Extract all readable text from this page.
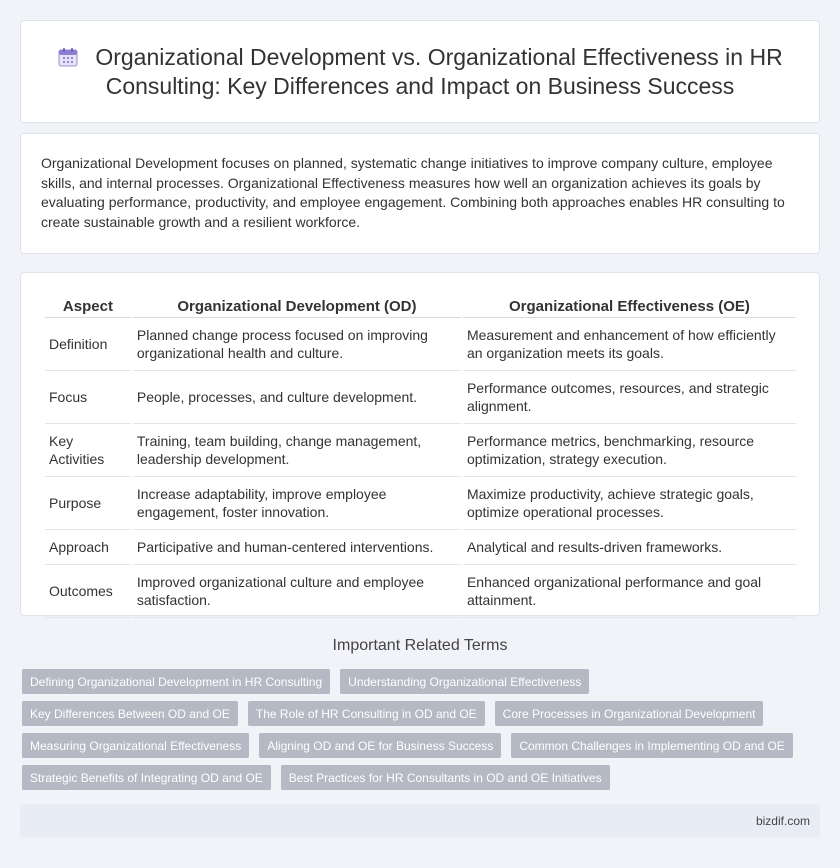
Organizational Development vs. Organizational Effectiveness in HR Consulting: Key Differences and Impact on Business Success

Organizational Development focuses on planned, systematic change initiatives to improve company culture, employee skills, and internal processes. Organizational Effectiveness measures how well an organization achieves its goals by evaluating performance, productivity, and employee engagement. Combining both approaches enables HR consulting to create sustainable growth and a resilient workforce.

Aspect	Organizational Development (OD)	Organizational Effectiveness (OE)
Definition	Planned change process focused on improving organizational health and culture.	Measurement and enhancement of how efficiently an organization meets its goals.
Focus	People, processes, and culture development.	Performance outcomes, resources, and strategic alignment.
Key Activities	Training, team building, change management, leadership development.	Performance metrics, benchmarking, resource optimization, strategy execution.
Purpose	Increase adaptability, improve employee engagement, foster innovation.	Maximize productivity, achieve strategic goals, optimize operational processes.
Approach	Participative and human-centered interventions.	Analytical and results-driven frameworks.
Outcomes	Improved organizational culture and employee satisfaction.	Enhanced organizational performance and goal attainment.
Important Related Terms
Defining Organizational Development in HR Consulting	Understanding Organizational Effectiveness
Key Differences Between OD and OE	The Role of HR Consulting in OD and OE	Core Processes in Organizational Development
Measuring Organizational Effectiveness	Aligning OD and OE for Business Success	Common Challenges in Implementing OD and OE
Strategic Benefits of Integrating OD and OE	Best Practices for HR Consultants in OD and OE Initiatives
bizdif.com
